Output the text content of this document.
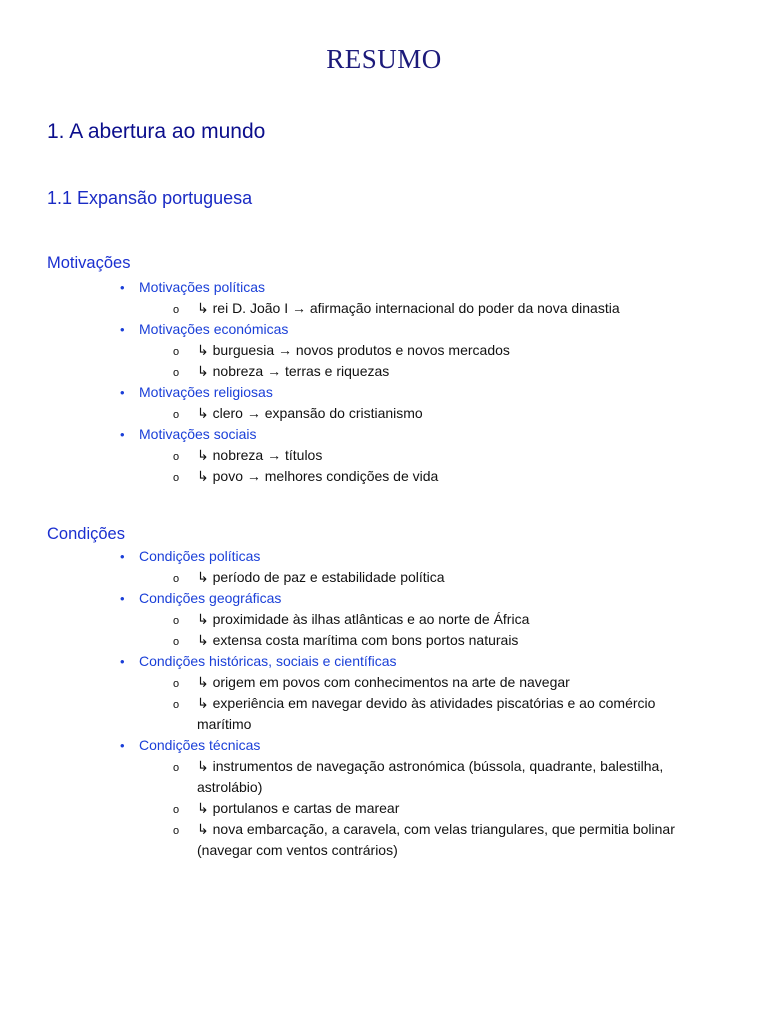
RESUMO
1. A abertura ao mundo
1.1 Expansão portuguesa
Motivações
•	Motivações políticas
o ↳ rei D. João I → afirmação internacional do poder da nova dinastia
•	Motivações económicas
o ↳ burguesia → novos produtos e novos mercados
o ↳ nobreza → terras e riquezas
•	Motivações religiosas
o ↳ clero → expansão do cristianismo
•	Motivações sociais
o ↳ nobreza → títulos
o ↳ povo → melhores condições de vida
Condições
•	Condições políticas
o ↳ período de paz e estabilidade política
•	Condições geográficas
o ↳ proximidade às ilhas atlânticas e ao norte de África
o ↳ extensa costa marítima com bons portos naturais
•	Condições históricas, sociais e científicas
o ↳ origem em povos com conhecimentos na arte de navegar
o ↳ experiência em navegar devido às atividades piscatórias e ao comércio marítimo
•	Condições técnicas
o ↳ instrumentos de navegação astronómica (bússola, quadrante, balestilha, astrolábio)
o ↳ portulanos e cartas de marear
o ↳ nova embarcação, a caravela, com velas triangulares, que permitia bolinar (navegar com ventos contrários)
